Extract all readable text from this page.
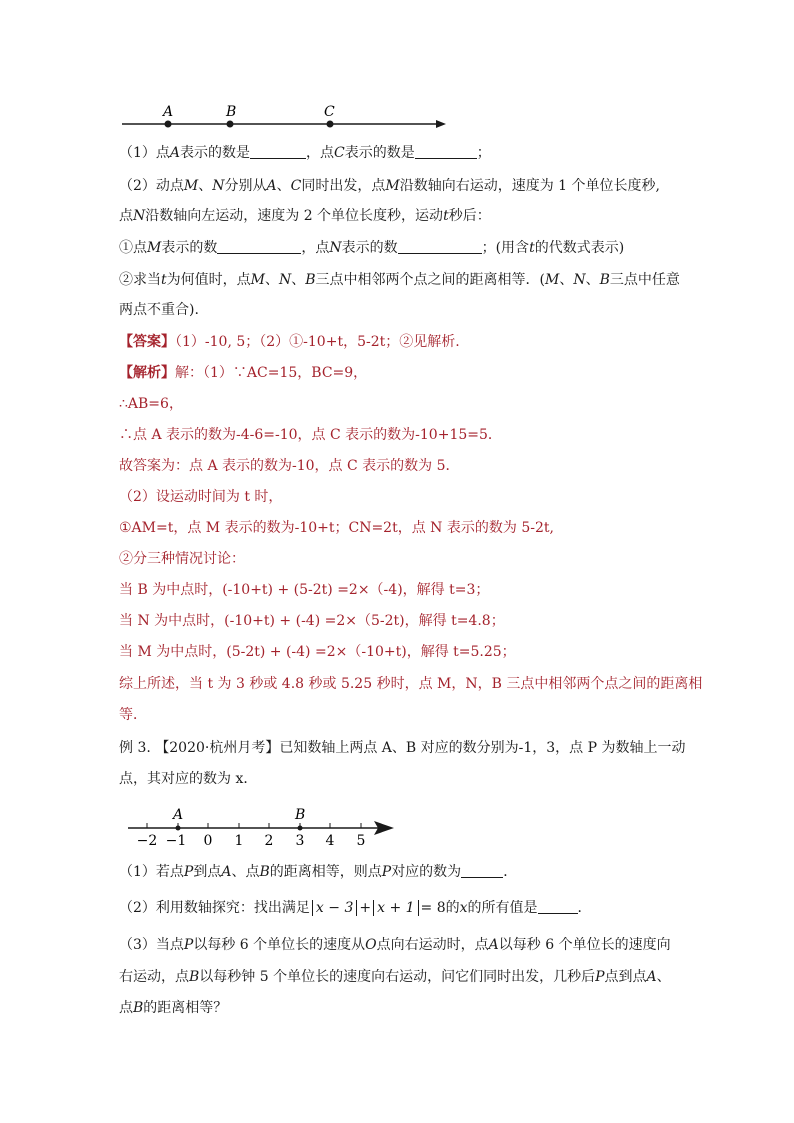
A	B	C
（1）点A表示的数是	，点C表示的数是	；
（2）动点M、N分别从A、C同时出发，点M沿数轴向右运动，速度为 1 个单位长度秒,
点N沿数轴向左运动，速度为 2 个单位长度秒，运动t秒后：
①点M表示的数	，点N表示的数	；(用含t的代数式表示)
②求当t为何值时，点M、N、B三点中相邻两个点之间的距离相等．(M、N、B三点中任意
两点不重合).
【答案】（1）-10, 5；（2）①-10+t，5-2t；②见解析.
【解析】解：（1）∵AC=15，BC=9，
∴AB=6，
∴点 A 表示的数为-4-6=-10，点 C 表示的数为-10+15=5．
故答案为：点 A 表示的数为-10，点 C 表示的数为 5．
（2）设运动时间为 t 时，
①AM=t，点 M 表示的数为-10+t；CN=2t，点 N 表示的数为 5-2t,
②分三种情况讨论：
当 B 为中点时，(-10+t) + (5-2t) =2×（-4)，解得 t=3；
当 N 为中点时，(-10+t) + (-4) =2×（5-2t)，解得 t=4.8；
当 M 为中点时，(5-2t) + (-4) =2×（-10+t)，解得 t=5.25；
综上所述，当 t 为 3 秒或 4.8 秒或 5.25 秒时，点 M，N，B 三点中相邻两个点之间的距离相
等．
例 3. 【2020·杭州月考】已知数轴上两点 A、B 对应的数分别为-1，3，点 P 为数轴上一动
点，其对应的数为 x．
A	B
−2 −1 0 1 2 3 4 5
（1）若点P到点A、点B的距离相等，则点P对应的数为	．
（2）利用数轴探究：找出满足 x − 3 + x + 1 = 8的x的所有值是	．
（3）当点P以每秒 6 个单位长的速度从O点向右运动时，点A以每秒 6 个单位长的速度向
右运动，点B以每秒钟 5 个单位长的速度向右运动，问它们同时出发，几秒后P点到点A、
点B的距离相等？
